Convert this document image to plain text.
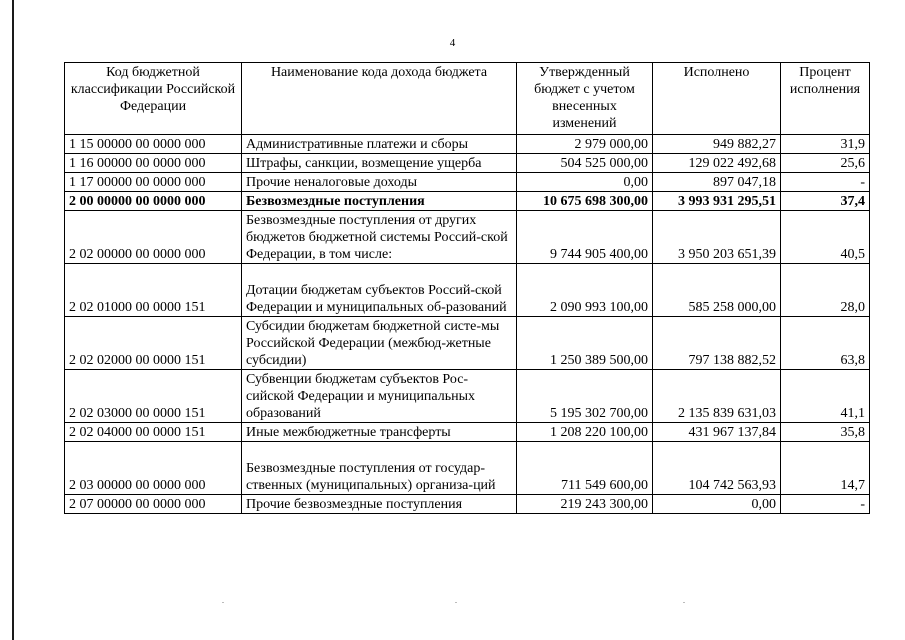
4
Код бюджетной классификации Российской Федерации	Наименование кода дохода бюджета	Утвержденный бюджет с учетом внесенных изменений	Исполнено	Процент исполнения
1 15 00000 00 0000 000	Административные платежи и сборы	2 979 000,00	949 882,27	31,9
1 16 00000 00 0000 000	Штрафы, санкции, возмещение ущерба	504 525 000,00	129 022 492,68	25,6
1 17 00000 00 0000 000	Прочие неналоговые доходы	0,00	897 047,18	-
2 00 00000 00 0000 000	Безвозмездные поступления	10 675 698 300,00	3 993 931 295,51	37,4
2 02 00000 00 0000 000	Безвозмездные поступления от других бюджетов бюджетной системы Россий-ской Федерации, в том числе:	9 744 905 400,00	3 950 203 651,39	40,5
2 02 01000 00 0000 151	Дотации бюджетам субъектов Россий-ской Федерации и муниципальных об-разований	2 090 993 100,00	585 258 000,00	28,0
2 02 02000 00 0000 151	Субсидии бюджетам бюджетной систе-мы Российской Федерации (межбюд-жетные субсидии)	1 250 389 500,00	797 138 882,52	63,8
2 02 03000 00 0000 151	Субвенции бюджетам субъектов Рос-сийской Федерации и муниципальных образований	5 195 302 700,00	2 135 839 631,03	41,1
2 02 04000 00 0000 151	Иные межбюджетные трансферты	1 208 220 100,00	431 967 137,84	35,8
2 03 00000 00 0000 000	Безвозмездные поступления от государ-ственных (муниципальных) организа-ций	711 549 600,00	104 742 563,93	14,7
2 07 00000 00 0000 000	Прочие безвозмездные поступления	219 243 300,00	0,00	-
